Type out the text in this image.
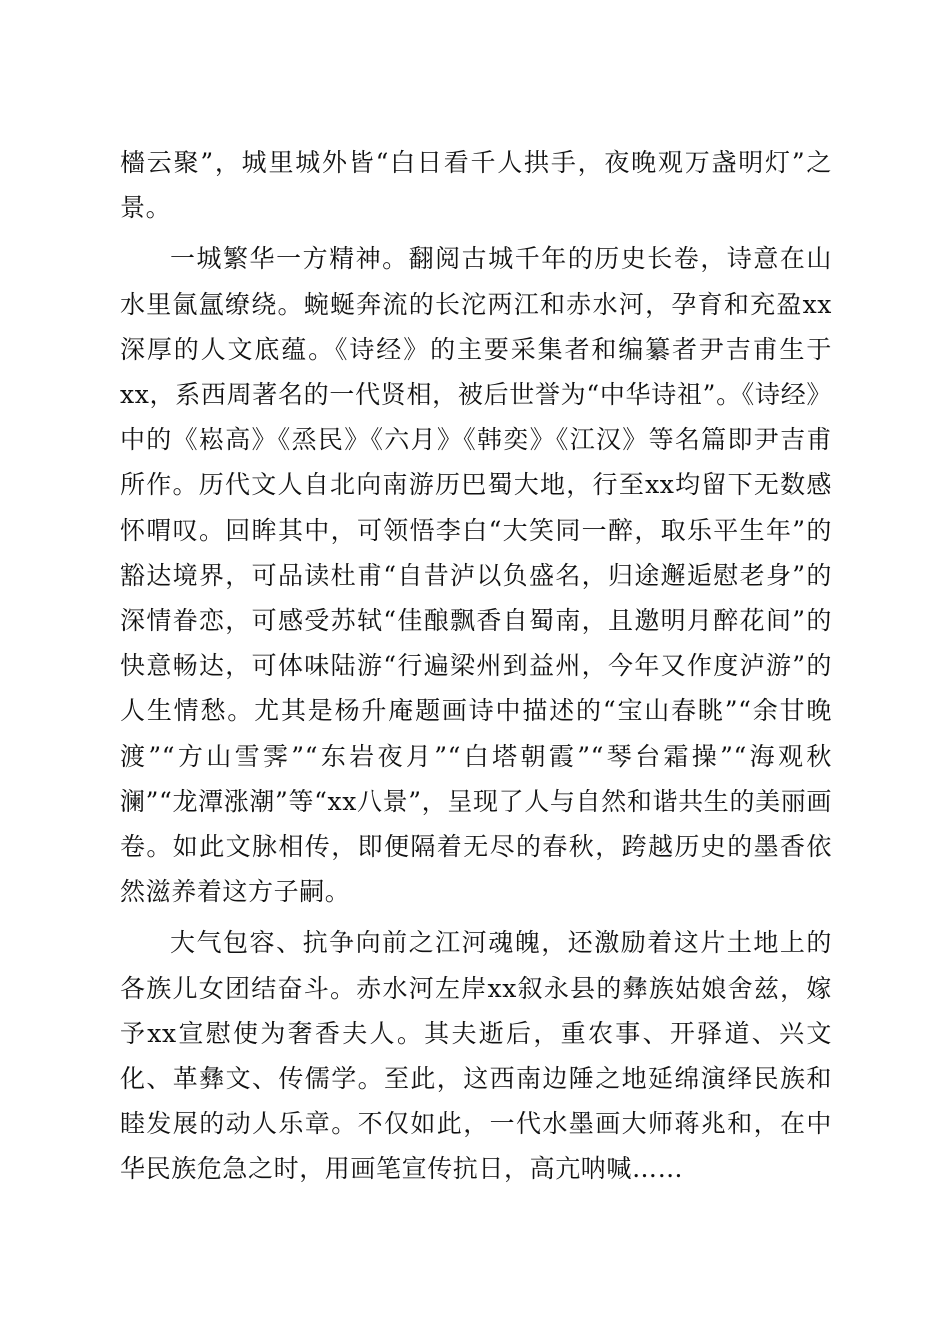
檣云聚”，城里城外皆“白日看千人拱手，夜晚观万盏明灯”之景。

一城繁华一方精神。翻阅古城千年的历史长卷，诗意在山水里氤氲缭绕。蜿蜒奔流的长沱两江和赤水河，孕育和充盈xx深厚的人文底蕴。《诗经》的主要采集者和编纂者尹吉甫生于xx，系西周著名的一代贤相，被后世誉为“中华诗祖”。《诗经》中的《崧高》《烝民》《六月》《韩奕》《江汉》等名篇即尹吉甫所作。历代文人自北向南游历巴蜀大地，行至xx均留下无数感怀喟叹。回眸其中，可领悟李白“大笑同一醉，取乐平生年”的豁达境界，可品读杜甫“自昔泸以负盛名，归途邂逅慰老身”的深情眷恋，可感受苏轼“佳酿飘香自蜀南，且邀明月醉花间”的快意畅达，可体味陆游“行遍梁州到益州，今年又作度泸游”的人生情愁。尤其是杨升庵题画诗中描述的“宝山春眺”“余甘晚渡”“方山雪霁”“东岩夜月”“白塔朝霞”“琴台霜操”“海观秋澜”“龙潭涨潮”等“xx八景”，呈现了人与自然和谐共生的美丽画卷。如此文脉相传，即便隔着无尽的春秋，跨越历史的墨香依然滋养着这方子嗣。

大气包容、抗争向前之江河魂魄，还激励着这片土地上的各族儿女团结奋斗。赤水河左岸xx叙永县的彝族姑娘舍兹，嫁予xx宣慰使为奢香夫人。其夫逝后，重农事、开驿道、兴文化、革彝文、传儒学。至此，这西南边陲之地延绵演绎民族和睦发展的动人乐章。不仅如此，一代水墨画大师蒋兆和，在中华民族危急之时，用画笔宣传抗日，高亢呐喊……
